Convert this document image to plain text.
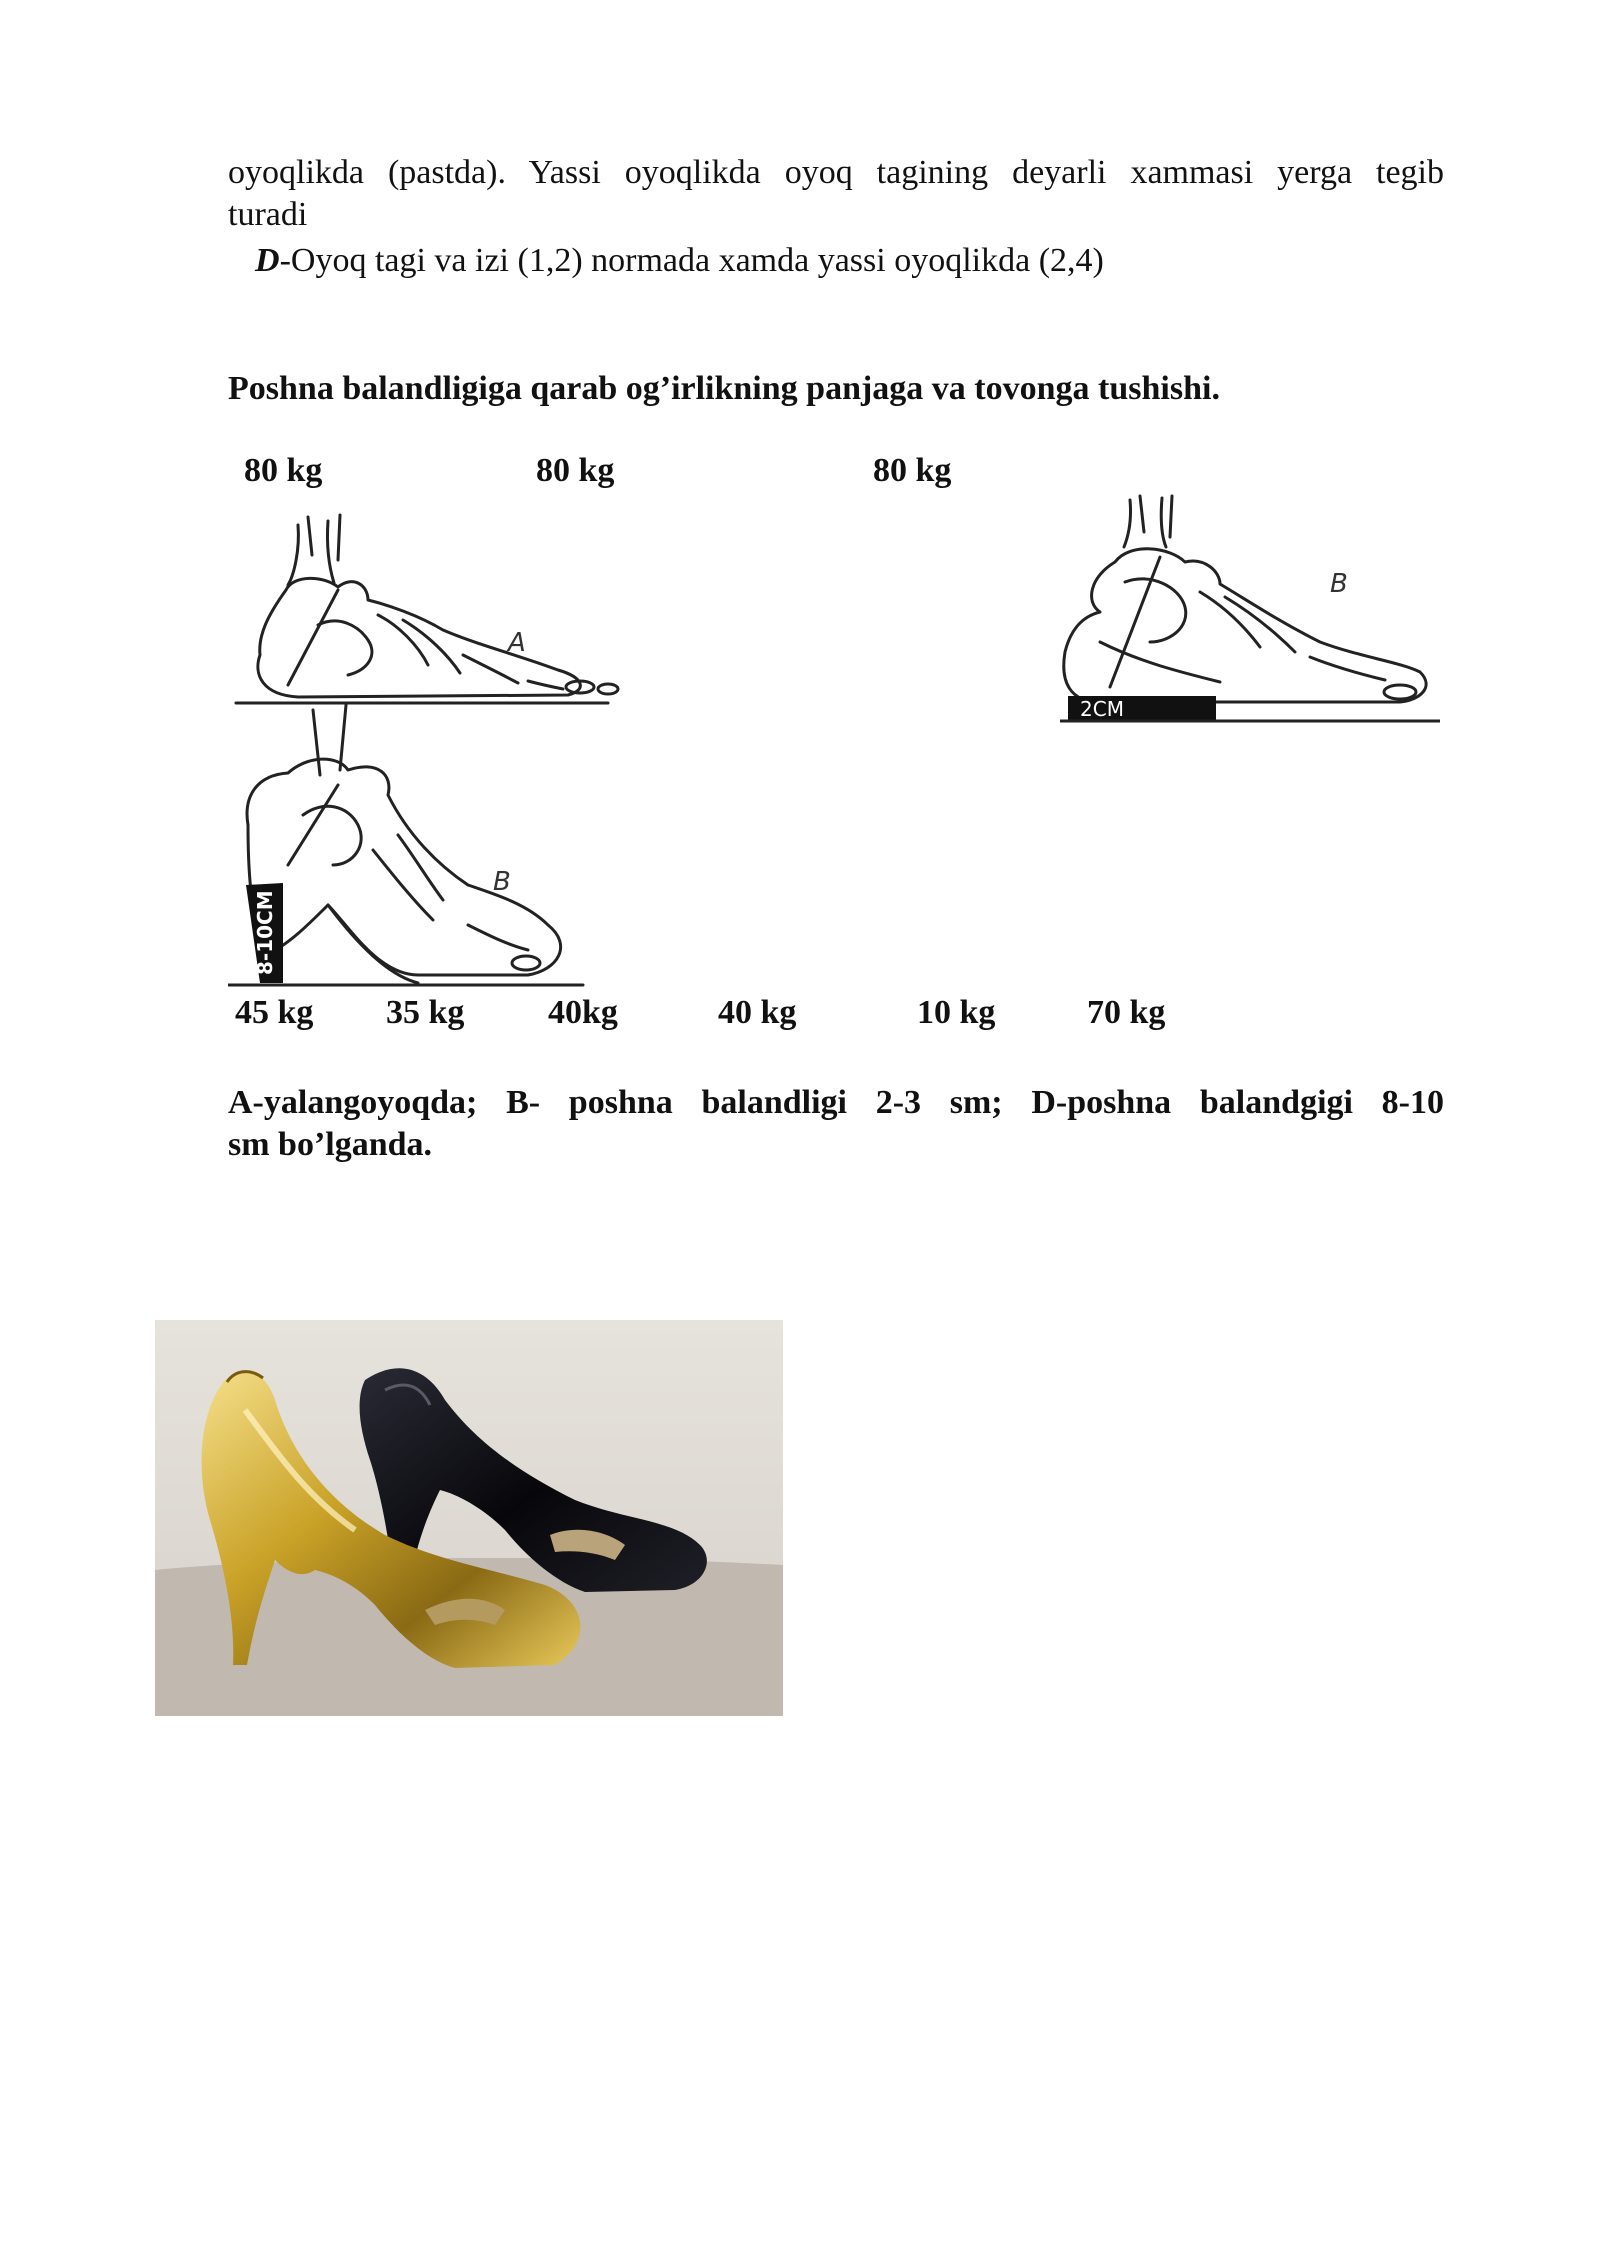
oyoqlikda (pastda). Yassi oyoqlikda oyoq tagining deyarli xammasi yerga tegib
turadi
D-Oyoq tagi va izi (1,2) normada xamda yassi oyoqlikda (2,4)
Poshna balandligiga qarab og’irlikning panjaga va tovonga tushishi.
80 kg	80 kg	80 kg
8-10CM
A
B
2CM
B
45 kg 35 kg 40kg	40 kg	10 kg	70 kg
A-yalangoyoqda; B- poshna balandligi 2-3 sm; D-poshna balandgigi 8-10
sm bo’lganda.
